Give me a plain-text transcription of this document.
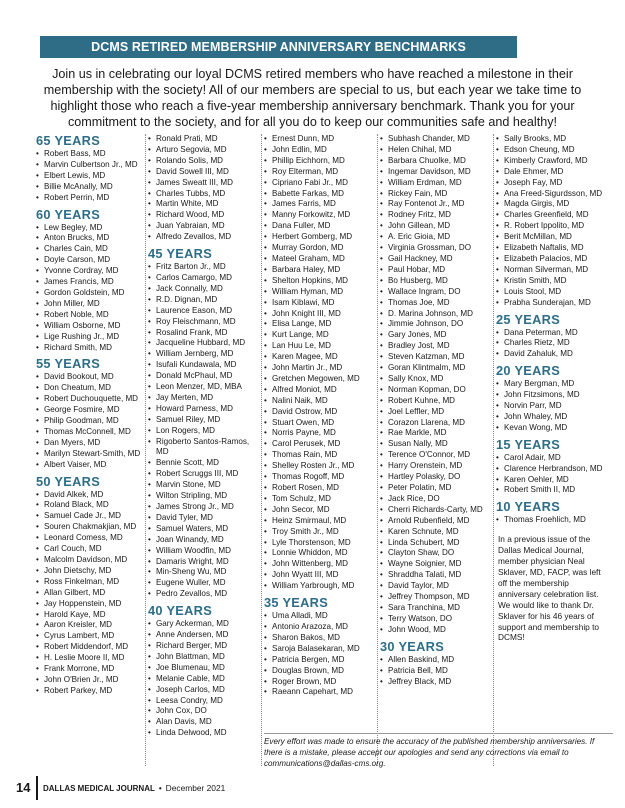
DCMS RETIRED MEMBERSHIP ANNIVERSARY BENCHMARKS
Join us in celebrating our loyal DCMS retired members who have reached a milestone in their membership with the society! All of our members are special to us, but each year we take time to highlight those who reach a five-year membership anniversary benchmark. Thank you for your commitment to the society, and for all you do to keep our communities safe and healthy!
65 YEARS
• Robert Bass, MD
• Marvin Culbertson Jr., MD
• Elbert Lewis, MD
• Billie McAnally, MD
• Robert Perrin, MD
60 YEARS
• Lew Begley, MD
• Anton Brucks, MD
• Charles Cain, MD
• Doyle Carson, MD
• Yvonne Cordray, MD
• James Francis, MD
• Gordon Goldstein, MD
• John Miller, MD
• Robert Noble, MD
• William Osborne, MD
• Lige Rushing Jr., MD
• Richard Smith, MD
55 YEARS
• David Bookout, MD
• Don Cheatum, MD
• Robert Duchouquette, MD
• George Fosmire, MD
• Philip Goodman, MD
• Thomas McConnell, MD
• Dan Myers, MD
• Marilyn Stewart-Smith, MD
• Albert Vaiser, MD
50 YEARS
• David Alkek, MD
• Roland Black, MD
• Samuel Cade Jr., MD
• Souren Chakmakjian, MD
• Leonard Comess, MD
• Carl Couch, MD
• Malcolm Davidson, MD
• John Dietschy, MD
• Ross Finkelman, MD
• Allan Gilbert, MD
• Jay Hoppenstein, MD
• Harold Kaye, MD
• Aaron Kreisler, MD
• Cyrus Lambert, MD
• Robert Middendorf, MD
• H. Leslie Moore II, MD
• Frank Morrone, MD
• John O'Brien Jr., MD
• Robert Parkey, MD
• Ronald Prati, MD
• Arturo Segovia, MD
• Rolando Solis, MD
• David Sowell III, MD
• James Sweatt III, MD
• Charles Tubbs, MD
• Martin White, MD
• Richard Wood, MD
• Juan Yabraian, MD
• Alfredo Zevallos, MD
45 YEARS
• Fritz Barton Jr., MD
• Carlos Camargo, MD
• Jack Connally, MD
• R.D. Dignan, MD
• Laurence Eason, MD
• Roy Fleischmann, MD
• Rosalind Frank, MD
• Jacqueline Hubbard, MD
• William Jernberg, MD
• Isufali Kundawala, MD
• Donald McPhaul, MD
• Leon Menzer, MD, MBA
• Jay Merten, MD
• Howard Parness, MD
• Samuel Riley, MD
• Lon Rogers, MD
• Rigoberto Santos-Ramos, MD
• Bennie Scott, MD
• Robert Scruggs III, MD
• Marvin Stone, MD
• Wilton Stripling, MD
• James Strong Jr., MD
• David Tyler, MD
• Samuel Waters, MD
• Joan Winandy, MD
• William Woodfin, MD
• Damaris Wright, MD
• Min-Sheng Wu, MD
• Eugene Wuller, MD
• Pedro Zevallos, MD
40 YEARS
• Gary Ackerman, MD
• Anne Andersen, MD
• Richard Berger, MD
• John Blattman, MD
• Joe Blumenau, MD
• Melanie Cable, MD
• Joseph Carlos, MD
• Leesa Condry, MD
• John Cox, DO
• Alan Davis, MD
• Linda Delwood, MD
• Ernest Dunn, MD
• John Edlin, MD
• Phillip Eichhorn, MD
• Roy Elterman, MD
• Cipriano Fabi Jr., MD
• Babette Farkas, MD
• James Farris, MD
• Manny Forkowitz, MD
• Dana Fuller, MD
• Herbert Gomberg, MD
• Murray Gordon, MD
• Mateel Graham, MD
• Barbara Haley, MD
• Shelton Hopkins, MD
• William Hyman, MD
• Isam Kiblawi, MD
• John Knight III, MD
• Elisa Lange, MD
• Kurt Lange, MD
• Lan Huu Le, MD
• Karen Magee, MD
• John Martin Jr., MD
• Gretchen Megowen, MD
• Alfred Moniot, MD
• Nalini Naik, MD
• David Ostrow, MD
• Stuart Owen, MD
• Norris Payne, MD
• Carol Perusek, MD
• Thomas Rain, MD
• Shelley Rosten Jr., MD
• Thomas Rogoff, MD
• Robert Rosen, MD
• Tom Schulz, MD
• John Secor, MD
• Heinz Smirmaul, MD
• Troy Smith Jr., MD
• Lyle Thorstenson, MD
• Lonnie Whiddon, MD
• John Wittenberg, MD
• John Wyatt III, MD
• William Yarbrough, MD
35 YEARS
• Uma Alladi, MD
• Antonio Arazoza, MD
• Sharon Bakos, MD
• Saroja Balasekaran, MD
• Patricia Bergen, MD
• Douglas Brown, MD
• Roger Brown, MD
• Raeann Capehart, MD
• Subhash Chander, MD
• Helen Chihal, MD
• Barbara Chuolke, MD
• Ingemar Davidson, MD
• William Erdman, MD
• Rickey Fain, MD
• Ray Fontenot Jr., MD
• Rodney Fritz, MD
• John Gillean, MD
• A. Eric Gioia, MD
• Virginia Grossman, DO
• Gail Hackney, MD
• Paul Hobar, MD
• Bo Husberg, MD
• Wallace Ingram, DO
• Thomas Joe, MD
• D. Marina Johnson, MD
• Jimmie Johnson, DO
• Gary Jones, MD
• Bradley Jost, MD
• Steven Katzman, MD
• Goran Klintmalm, MD
• Sally Knox, MD
• Norman Kopman, DO
• Robert Kuhne, MD
• Joel Leffler, MD
• Corazon Llarena, MD
• Rae Markle, MD
• Susan Nally, MD
• Terence O'Connor, MD
• Harry Orenstein, MD
• Hartley Polasky, DO
• Peter Polatin, MD
• Jack Rice, DO
• Cherri Richards-Carty, MD
• Arnold Rubenfield, MD
• Karen Schnute, MD
• Linda Schubert, MD
• Clayton Shaw, DO
• Wayne Soignier, MD
• Shraddha Talati, MD
• David Taylor, MD
• Jeffrey Thompson, MD
• Sara Tranchina, MD
• Terry Watson, DO
• John Wood, MD
30 YEARS
• Allen Baskind, MD
• Patricia Bell, MD
• Jeffrey Black, MD
• Sally Brooks, MD
• Edson Cheung, MD
• Kimberly Crawford, MD
• Dale Ehmer, MD
• Joseph Fay, MD
• Ana Freed-Sigurdsson, MD
• Magda Girgis, MD
• Charles Greenfield, MD
• R. Robert Ippolito, MD
• Berit McMillan, MD
• Elizabeth Naftalis, MD
• Elizabeth Palacios, MD
• Norman Silverman, MD
• Kristin Smith, MD
• Louis Stool, MD
• Prabha Sunderajan, MD
25 YEARS
• Dana Peterman, MD
• Charles Rietz, MD
• David Zahaluk, MD
20 YEARS
• Mary Bergman, MD
• John Fitzsimons, MD
• Norvin Parr, MD
• John Whaley, MD
• Kevan Wong, MD
15 YEARS
• Carol Adair, MD
• Clarence Herbrandson, MD
• Karen Oehler, MD
• Robert Smith II, MD
10 YEARS
• Thomas Froehlich, MD
In a previous issue of the Dallas Medical Journal, member physician Neal Sklaver, MD, FACP, was left off the membership anniversary celebration list. We would like to thank Dr. Sklaver for his 46 years of support and membership to DCMS!
Every effort was made to ensure the accuracy of the published membership anniversaries. If there is a mistake, please accept our apologies and send any corrections via email to communications@dallas-cms.org.
14 DALLAS MEDICAL JOURNAL • December 2021
